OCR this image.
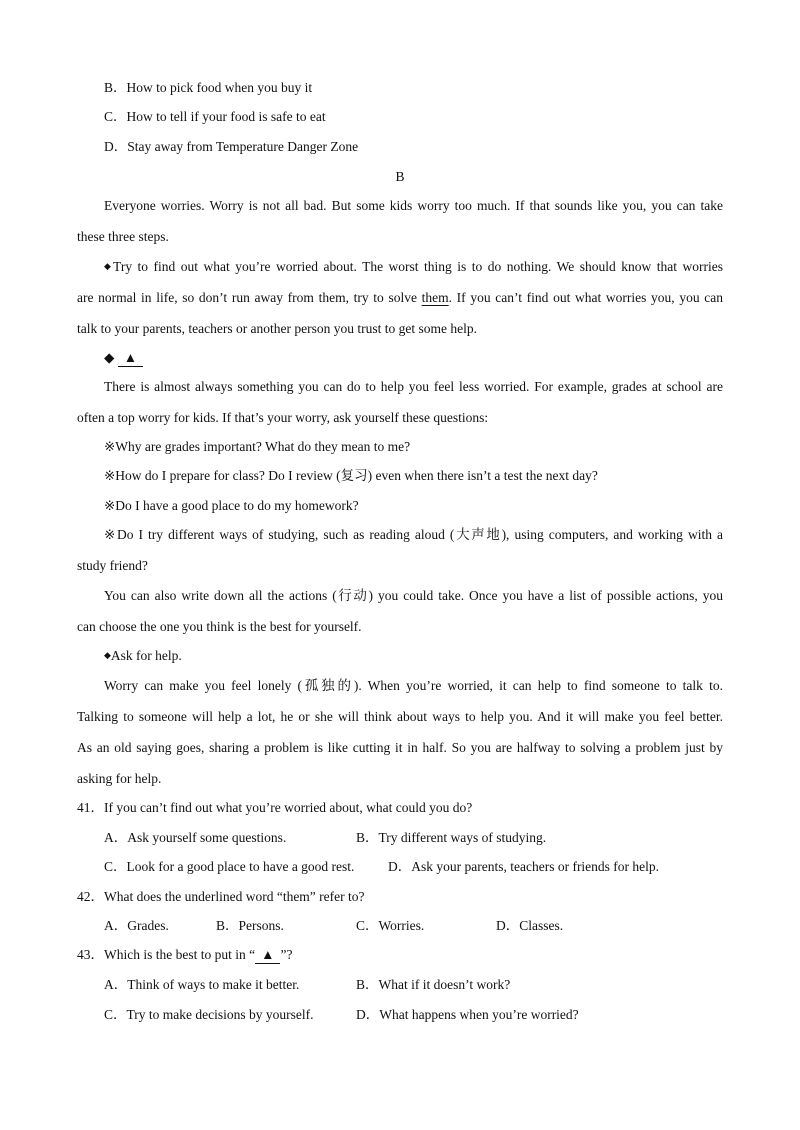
B．How to pick food when you buy it
C．How to tell if your food is safe to eat
D．Stay away from Temperature Danger Zone
B
Everyone worries. Worry is not all bad. But some kids worry too much. If that sounds like you, you can take
these three steps.
◆Try to find out what you’re worried about. The worst thing is to do nothing. We should know that worries
are normal in life, so don’t run away from them, try to solve them. If you can’t find out what worries you, you can
talk to your parents, teachers or another person you trust to get some help.
◆ ▲
There is almost always something you can do to help you feel less worried. For example, grades at school are
often a top worry for kids. If that’s your worry, ask yourself these questions:
※Why are grades important? What do they mean to me?
※How do I prepare for class? Do I review (复习) even when there isn’t a test the next day?
※Do I have a good place to do my homework?
※Do I try different ways of studying, such as reading aloud (大声地), using computers, and working with a
study friend?
You can also write down all the actions (行动) you could take. Once you have a list of possible actions, you
can choose the one you think is the best for yourself.
◆Ask for help.
Worry can make you feel lonely (孤独的). When you’re worried, it can help to find someone to talk to.
Talking to someone will help a lot, he or she will think about ways to help you. And it will make you feel better.
As an old saying goes, sharing a problem is like cutting it in half. So you are halfway to solving a problem just by
asking for help.
41．If you can’t find out what you’re worried about, what could you do?
A．Ask yourself some questions.	B．Try different ways of studying.
C．Look for a good place to have a good rest. D．Ask your parents, teachers or friends for help.
42．What does the underlined word “them” refer to?
A．Grades.	B．Persons.	C．Worries.	D．Classes.
43．Which is the best to put in “ ▲ ”?
A．Think of ways to make it better.	B．What if it doesn’t work?
C．Try to make decisions by yourself.	D．What happens when you’re worried?
